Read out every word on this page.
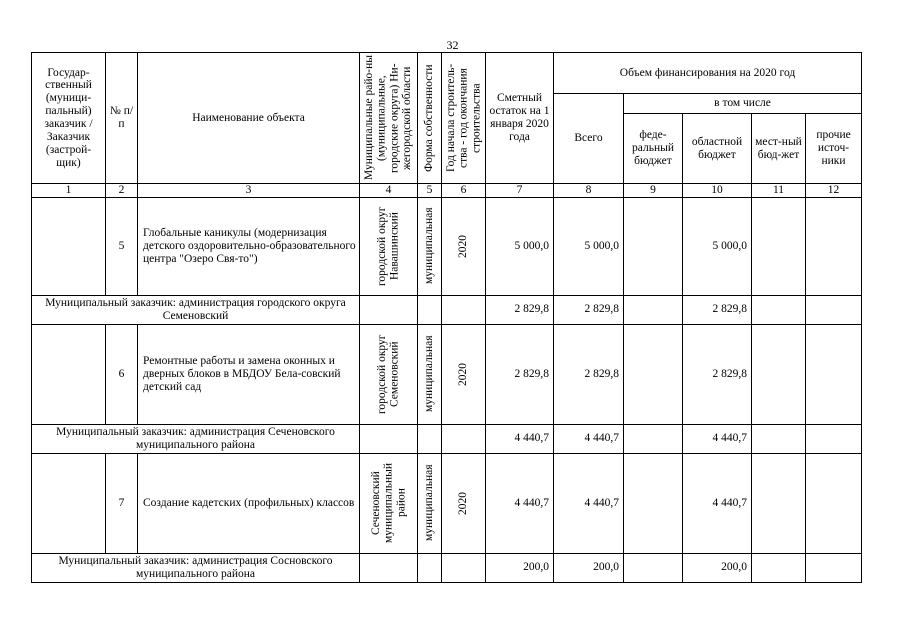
32
Государ-ственный (муници-пальный) заказчик / Заказчик (застрой-щик)	№ п/п	Наименование объекта	Муниципальные райо-ны (муниципальные, городские округа) Ни-жегородской области	Форма собственности	Год начала строитель-ства - год окончания строительства	Сметный остаток на 1 января 2020 года	Объем финансирования на 2020 год				
							Всего	в том числе			
								феде-ральный бюджет	областной бюджет	мест-ный бюд-жет	прочие источ-ники
1	2	3	4	5	6	7	8	9	10	11	12
	5	Глобальные каникулы (модернизация детского оздоровительно-образовательного центра "Озеро Свя-то")	городской округ Навашинский	муниципальная	2020	5 000,0	5 000,0		5 000,0		
Муниципальный заказчик: администрация городского округа Семеновский						2 829,8	2 829,8		2 829,8		
	6	Ремонтные работы и замена оконных и дверных блоков в МБДОУ Бела-совский детский сад	городской округ Семеновский	муниципальная	2020	2 829,8	2 829,8		2 829,8		
Муниципальный заказчик: администрация Сеченовского муниципального района						4 440,7	4 440,7		4 440,7		
	7	Создание кадетских (профильных) классов	Сеченовский муниципальный район	муниципальная	2020	4 440,7	4 440,7		4 440,7		
Муниципальный заказчик: администрация Сосновского муниципального района						200,0	200,0		200,0		
